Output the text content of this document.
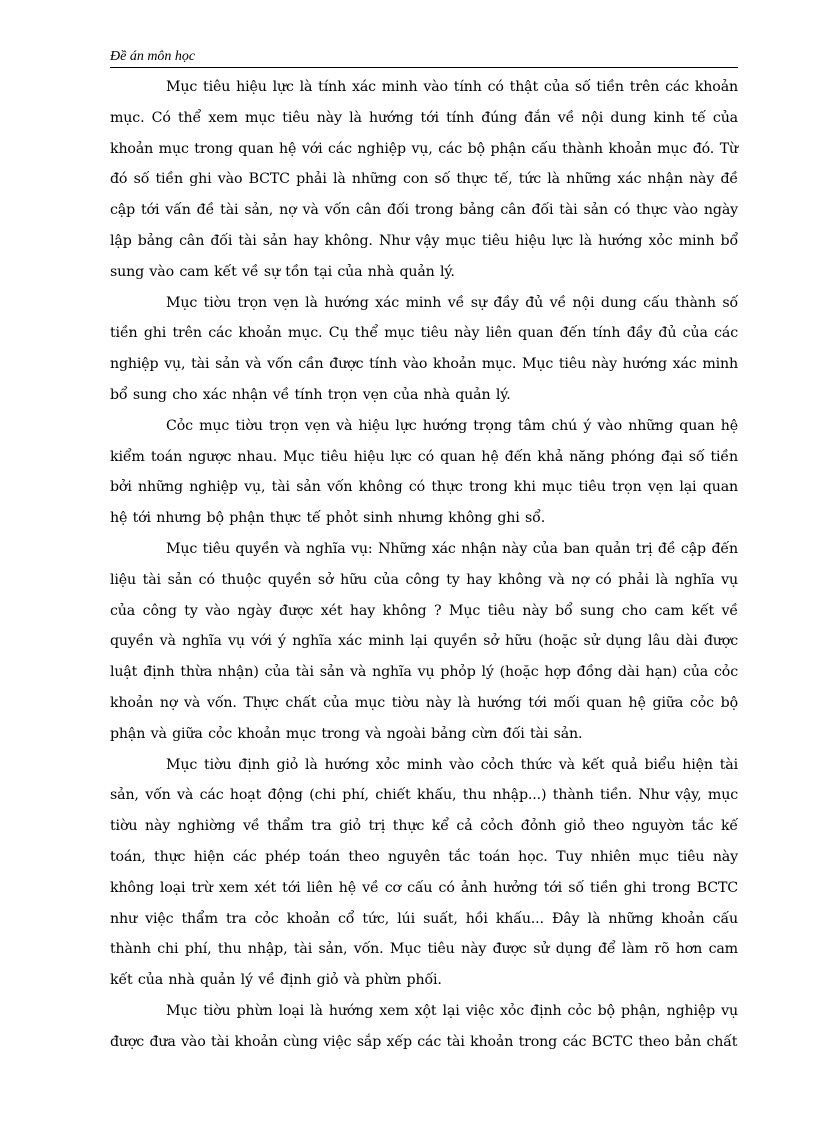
Đề án môn học

Mục tiêu hiệu lực là tính xác minh vào tính có thật của số tiền trên các khoản mục. Có thể xem mục tiêu này là hướng tới tính đúng đắn về nội dung kinh tế của khoản mục trong quan hệ với các nghiệp vụ, các bộ phận cấu thành khoản mục đó. Từ đó số tiền ghi vào BCTC phải là những con số thực tế, tức là những xác nhận này đề cập tới vấn đề tài sản, nợ và vốn cân đối trong bảng cân đối tài sản có thực vào ngày lập bảng cân đối tài sản hay không. Như vậy mục tiêu hiệu lực là hướng xỏc minh bổ sung vào cam kết về sự tồn tại của nhà quản lý.

Mục tiờu trọn vẹn là hướng xác minh về sự đầy đủ về nội dung cấu thành số tiền ghi trên các khoản mục. Cụ thể mục tiêu này liên quan đến tính đầy đủ của các nghiệp vụ, tài sản và vốn cần được tính vào khoản mục. Mục tiêu này hướng xác minh bổ sung cho xác nhận về tính trọn vẹn của nhà quản lý.

Cỏc mục tiờu trọn vẹn và hiệu lực hướng trọng tâm chú ý vào những quan hệ kiểm toán ngược nhau. Mục tiêu hiệu lực có quan hệ đến khả năng phóng đại số tiền bởi những nghiệp vụ, tài sản vốn không có thực trong khi mục tiêu trọn vẹn lại quan hệ tới nhưng bộ phận thực tế phỏt sinh nhưng không ghi sổ.

Mục tiêu quyền và nghĩa vụ: Những xác nhận này của ban quản trị đề cập đến liệu tài sản có thuộc quyền sở hữu của công ty hay không và nợ có phải là nghĩa vụ của công ty vào ngày được xét hay không ? Mục tiêu này bổ sung cho cam kết về quyền và nghĩa vụ với ý nghĩa xác minh lại quyền sở hữu (hoặc sử dụng lâu dài được luật định thừa nhận) của tài sản và nghĩa vụ phỏp lý (hoặc hợp đồng dài hạn) của cỏc khoản nợ và vốn. Thực chất của mục tiờu này là hướng tới mối quan hệ giữa cỏc bộ phận và giữa cỏc khoản mục trong và ngoài bảng cừn đối tài sản.

Mục tiờu định giỏ là hướng xỏc minh vào cỏch thức và kết quả biểu hiện tài sản, vốn và các hoạt động (chi phí, chiết khấu, thu nhập...) thành tiền. Như vậy, mục tiờu này nghiờng về thẩm tra giỏ trị thực kể cả cỏch đỏnh giỏ theo nguyờn tắc kế toán, thực hiện các phép toán theo nguyên tắc toán học. Tuy nhiên mục tiêu này không loại trừ xem xét tới liên hệ về cơ cấu có ảnh hưởng tới số tiền ghi trong BCTC như việc thẩm tra cỏc khoản cổ tức, lúi suất, hồi khấu... Đây là những khoản cấu thành chi phí, thu nhập, tài sản, vốn. Mục tiêu này được sử dụng để làm rõ hơn cam kết của nhà quản lý về định giỏ và phừn phối.

Mục tiờu phừn loại là hướng xem xột lại việc xỏc định cỏc bộ phận, nghiệp vụ được đưa vào tài khoản cùng việc sắp xếp các tài khoản trong các BCTC theo bản chất
